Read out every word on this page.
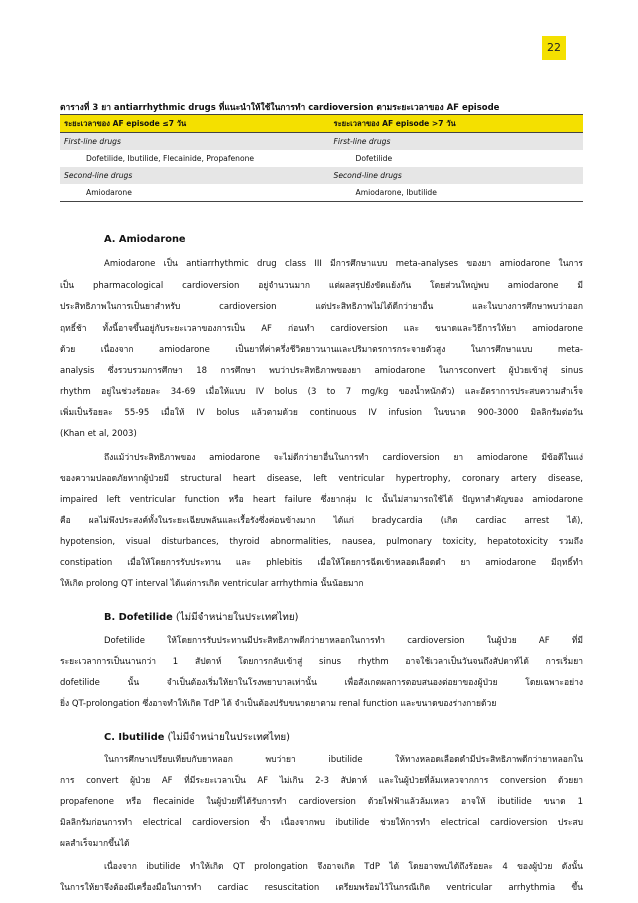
22
ตารางที่ 3 ยา antiarrhythmic drugs ที่แนะนำให้ใช้ในการทำ cardioversion ตามระยะเวลาของ AF episode
ระยะเวลาของ AF episode ≤7 วัน	ระยะเวลาของ AF episode >7 วัน
First-line drugs	First-line drugs
Dofetilide, Ibutilide, Flecainide, Propafenone	Dofetilide
Second-line drugs	Second-line drugs
Amiodarone	Amiodarone, Ibutilide
A. Amiodarone
Amiodarone เป็น antiarrhythmic drug class III มีการศึกษาแบบ meta-analyses ของยา amiodarone ในการ
เป็น pharmacological cardioversion อยู่จำนวนมาก แต่ผลสรุปยังขัดแย้งกัน โดยส่วนใหญ่พบ amiodarone มี
ประสิทธิภาพในการเป็นยาสำหรับ cardioversion แต่ประสิทธิภาพไม่ได้ดีกว่ายาอื่น และในบางการศึกษาพบว่าออก
ฤทธิ์ช้า ทั้งนี้อาจขึ้นอยู่กับระยะเวลาของการเป็น AF ก่อนทำ cardioversion และ ขนาดและวิธีการให้ยา amiodarone
ด้วย เนื่องจาก amiodarone เป็นยาที่ค่าครึ่งชีวิตยาวนานและปริมาตรการกระจายตัวสูง ในการศึกษาแบบ meta-
analysis ซึ่งรวบรวมการศึกษา 18 การศึกษา พบว่าประสิทธิภาพของยา amiodarone ในการconvert ผู้ป่วยเข้าสู่ sinus
rhythm อยู่ในช่วงร้อยละ 34-69 เมื่อให้แบบ IV bolus (3 to 7 mg/kg ของน้ำหนักตัว) และอัตราการประสบความสำเร็จ
เพิ่มเป็นร้อยละ 55-95 เมื่อให้ IV bolus แล้วตามด้วย continuous IV infusion ในขนาด 900-3000 มิลลิกรัมต่อวัน
(Khan et al, 2003)
ถึงแม้ว่าประสิทธิภาพของ amiodarone จะไม่ดีกว่ายาอื่นในการทำ cardioversion ยา amiodarone มีข้อดีในแง่
ของความปลอดภัยหากผู้ป่วยมี structural heart disease, left ventricular hypertrophy, coronary artery disease,
impaired left ventricular function หรือ heart failure ซึ่งยากลุ่ม Ic นั้นไม่สามารถใช้ได้ ปัญหาสำคัญของ amiodarone
คือ ผลไม่พึงประสงค์ทั้งในระยะเฉียบพลันและเรื้อรังซึ่งค่อนข้างมาก ได้แก่ bradycardia (เกิด cardiac arrest ได้),
hypotension, visual disturbances, thyroid abnormalities, nausea, pulmonary toxicity, hepatotoxicity รวมถึง
constipation เมื่อให้โดยการรับประทาน และ phlebitis เมื่อให้โดยการฉีดเข้าหลอดเลือดดำ ยา amiodarone มีฤทธิ์ทำ
ให้เกิด prolong QT interval ได้แต่การเกิด ventricular arrhythmia นั้นน้อยมาก
B. Dofetilide (ไม่มีจำหน่ายในประเทศไทย)
Dofetilide ให้โดยการรับประทานมีประสิทธิภาพดีกว่ายาหลอกในการทำ cardioversion ในผู้ป่วย AF ที่มี
ระยะเวลาการเป็นนานกว่า 1 สัปดาห์ โดยการกลับเข้าสู่ sinus rhythm อาจใช้เวลาเป็นวันจนถึงสัปดาห์ได้ การเริ่มยา
dofetilide นั้น จำเป็นต้องเริ่มให้ยาในโรงพยาบาลเท่านั้น เพื่อสังเกตผลการตอบสนองต่อยาของผู้ป่วย โดยเฉพาะอย่าง
ยิ่ง QT-prolongation ซึ่งอาจทำให้เกิด TdP ได้ จำเป็นต้องปรับขนาดยาตาม renal function และขนาดของร่างกายด้วย
C. Ibutilide (ไม่มีจำหน่ายในประเทศไทย)
ในการศึกษาเปรียบเทียบกับยาหลอก พบว่ายา ibutilide ให้ทางหลอดเลือดดำมีประสิทธิภาพดีกว่ายาหลอกใน
การ convert ผู้ป่วย AF ที่มีระยะเวลาเป็น AF ไม่เกิน 2-3 สัปดาห์ และในผู้ป่วยที่ล้มเหลวจากการ conversion ด้วยยา
propafenone หรือ flecainide ในผู้ป่วยที่ได้รับการทำ cardioversion ด้วยไฟฟ้าแล้วล้มเหลว อาจให้ ibutilide ขนาด 1
มิลลิกรัมก่อนการทำ electrical cardioversion ซ้ำ เนื่องจากพบ ibutilide ช่วยให้การทำ electrical cardioversion ประสบ
ผลสำเร็จมากขึ้นได้
เนื่องจาก ibutilide ทำให้เกิด QT prolongation จึงอาจเกิด TdP ได้ โดยอาจพบได้ถึงร้อยละ 4 ของผู้ป่วย ดังนั้น
ในการให้ยาจึงต้องมีเครื่องมือในการทำ cardiac resuscitation เตรียมพร้อมไว้ในกรณีเกิด ventricular arrhythmia ขึ้น
